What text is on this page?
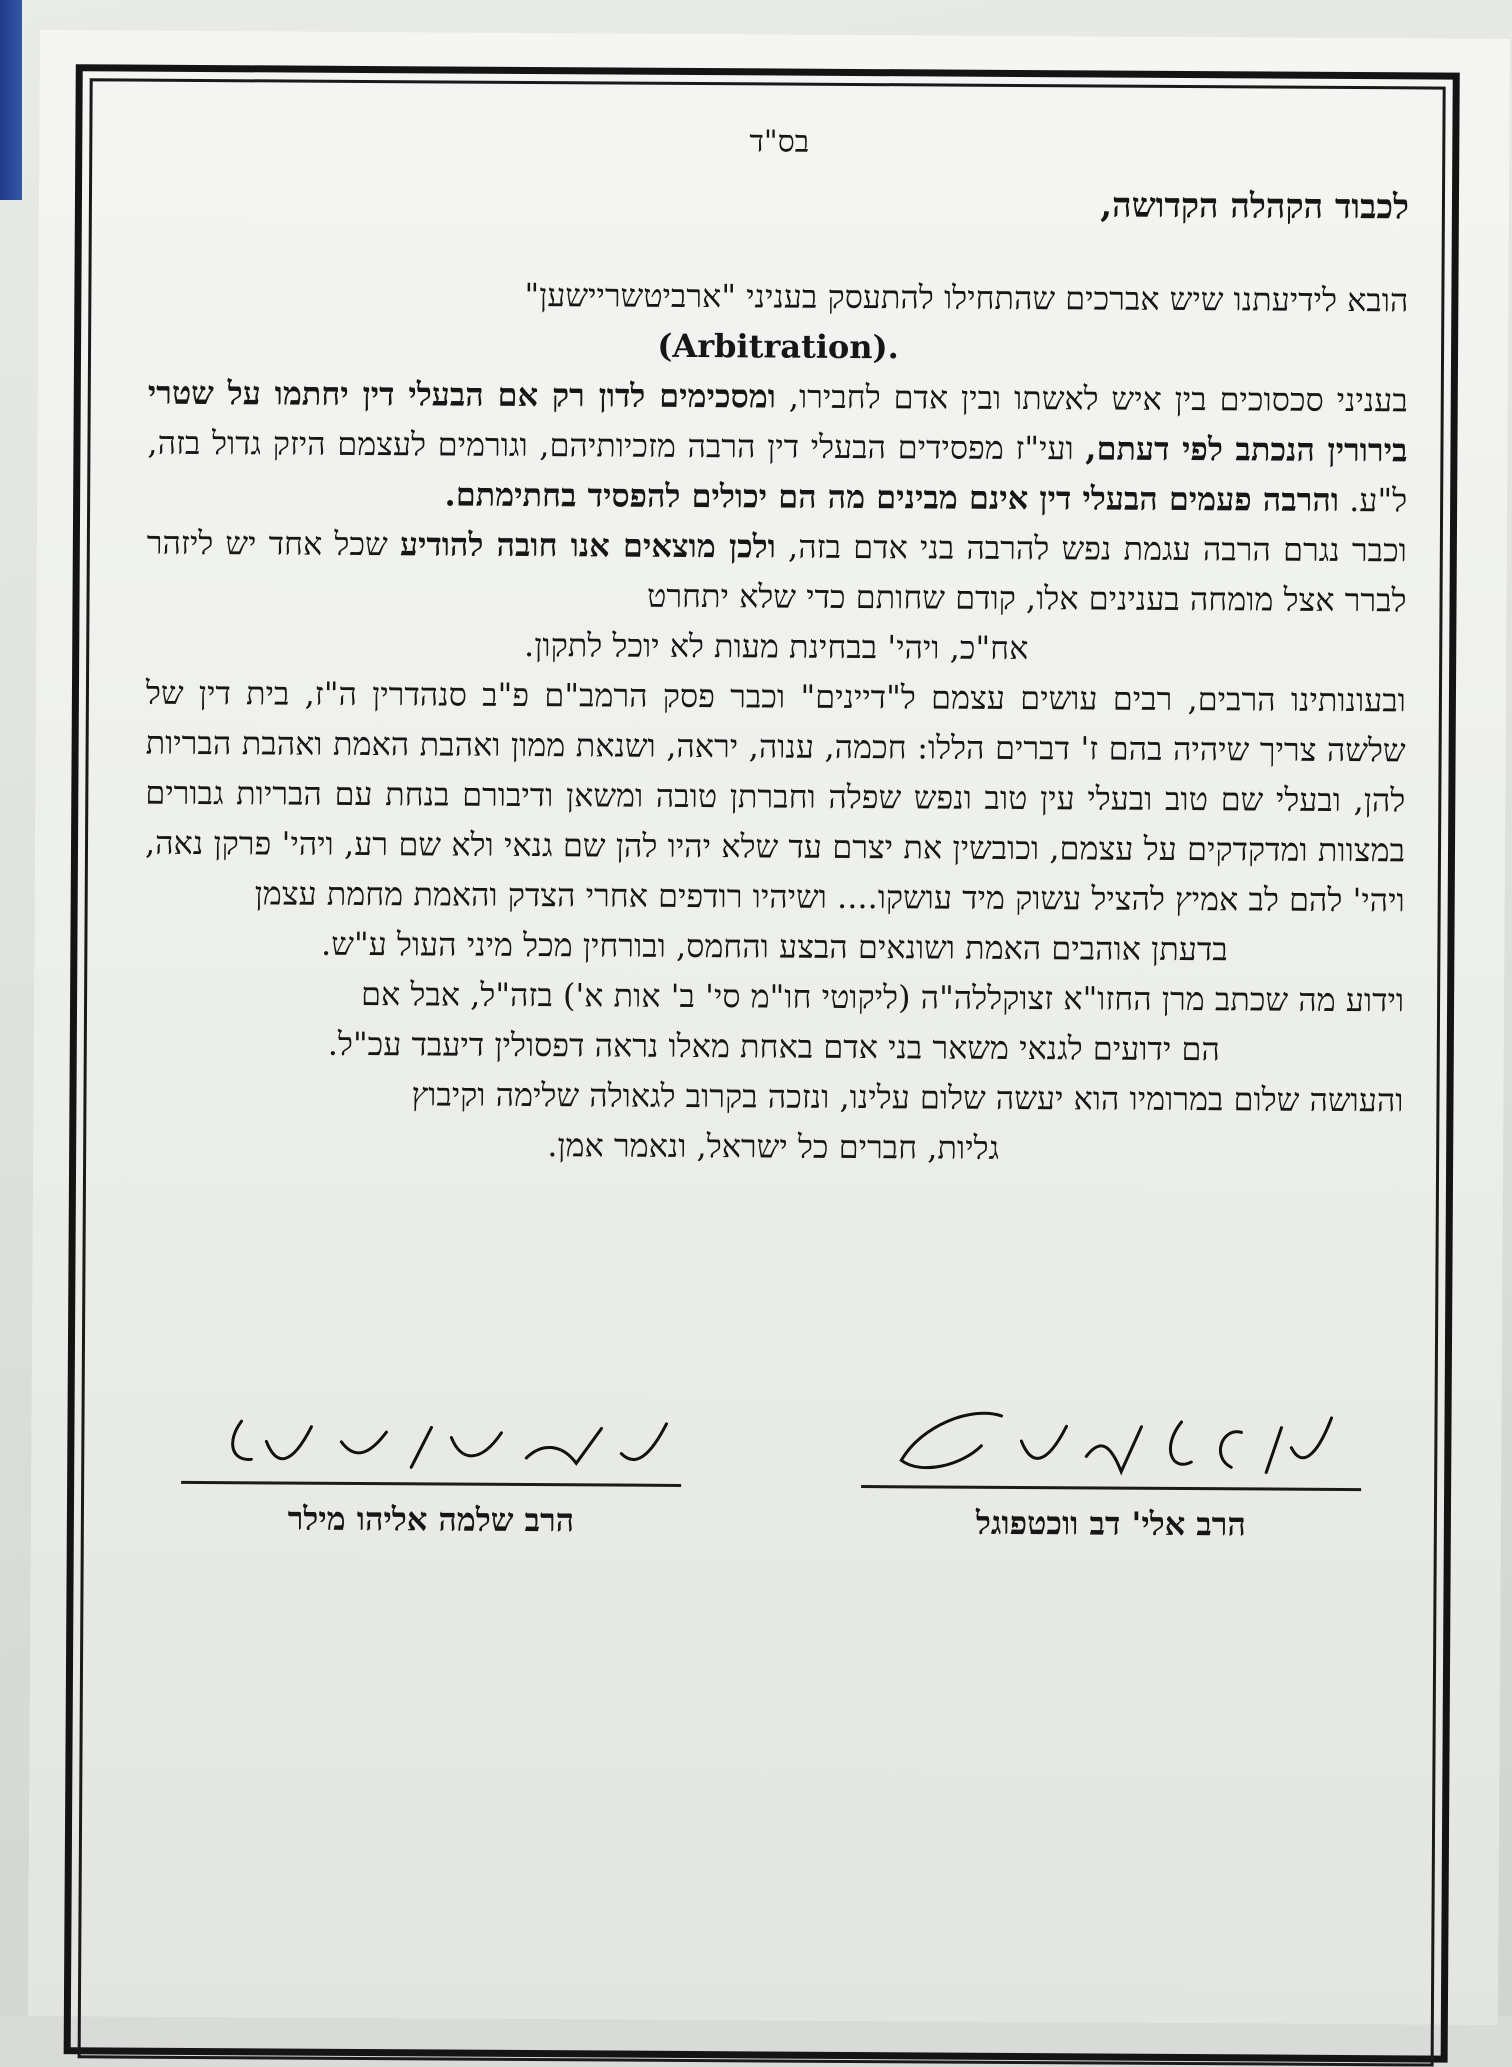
בס"ד

לכבוד הקהלה הקדושה,

הובא לידיעתנו שיש אברכים שהתחילו להתעסק בעניני "ארביטשריישען"

(Arbitration).

בעניני סכסוכים בין איש לאשתו ובין אדם לחבירו, ומסכימים לדון רק אם הבעלי דין יחתמו על שטרי בירורין הנכתב לפי דעתם, ועי"ז מפסידים הבעלי דין הרבה מזכיותיהם, וגורמים לעצמם היזק גדול בזה, ל"ע. והרבה פעמים הבעלי דין אינם מבינים מה הם יכולים להפסיד בחתימתם.

וכבר נגרם הרבה עגמת נפש להרבה בני אדם בזה, ולכן מוצאים אנו חובה להודיע שכל אחד יש ליזהר לברר אצל מומחה בענינים אלו, קודם שחותם כדי שלא יתחרט

אח"כ, ויהי' בבחינת מעות לא יוכל לתקון.

ובעונותינו הרבים, רבים עושים עצמם ל"דיינים" וכבר פסק הרמב"ם פ"ב סנהדרין ה"ז, בית דין של שלשה צריך שיהיה בהם ז' דברים הללו: חכמה, ענוה, יראה, ושנאת ממון ואהבת האמת ואהבת הבריות להן, ובעלי שם טוב ובעלי עין טוב ונפש שפלה וחברתן טובה ומשאן ודיבורם בנחת עם הבריות גבורים במצוות ומדקדקים על עצמם, וכובשין את יצרם עד שלא יהיו להן שם גנאי ולא שם רע, ויהי' פרקן נאה, ויהי' להם לב אמיץ להציל עשוק מיד עושקו.... ושיהיו רודפים אחרי הצדק והאמת מחמת עצמן

בדעתן אוהבים האמת ושונאים הבצע והחמס, ובורחין מכל מיני העול ע"ש.

וידוע מה שכתב מרן החזו"א זצוקללה"ה (ליקוטי חו"מ סי' ב' אות א') בזה"ל, אבל אם

הם ידועים לגנאי משאר בני אדם באחת מאלו נראה דפסולין דיעבד עכ"ל.

והעושה שלום במרומיו הוא יעשה שלום עלינו, ונזכה בקרוב לגאולה שלימה וקיבוץ

גליות, חברים כל ישראל, ונאמר אמן.

הרב אלי' דב ווכטפוגל
הרב שלמה אליהו מילר
